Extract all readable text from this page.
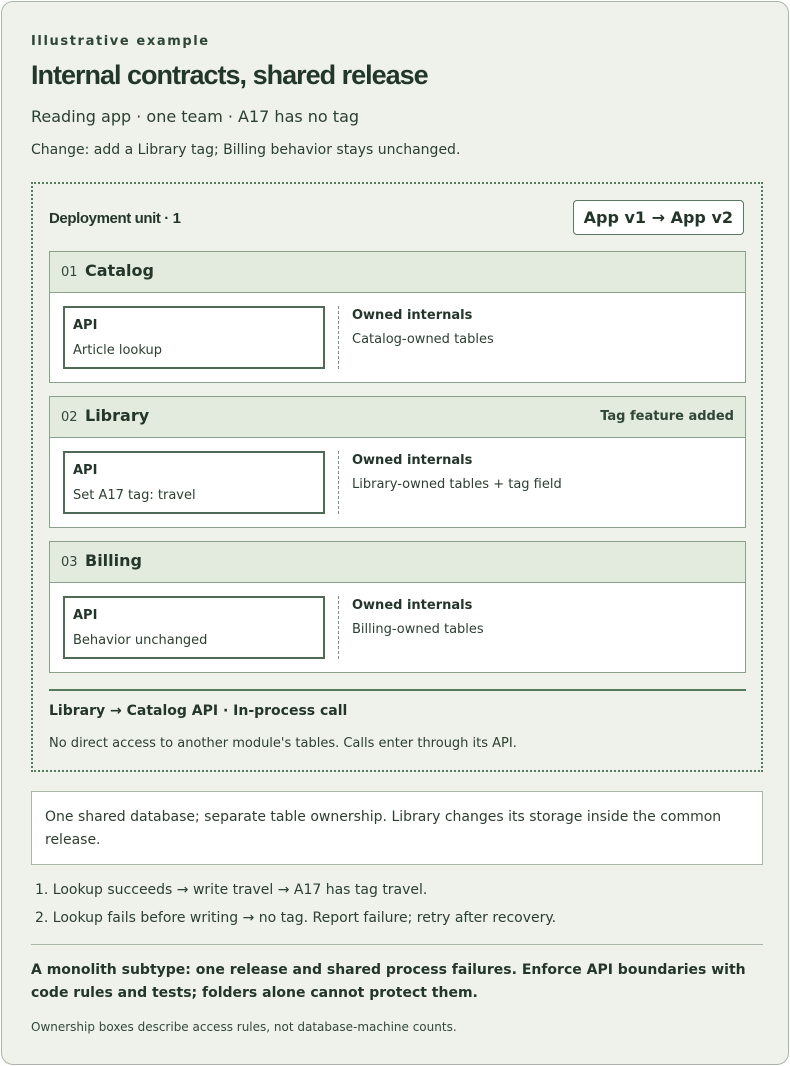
Illustrative example
Internal contracts, shared release
Reading app · one team · A17 has no tag
Change: add a Library tag; Billing behavior stays unchanged.
Deployment unit · 1	App v1 → App v2
01 Catalog
API
Article lookup
Owned internals
Catalog-owned tables
02 Library	Tag feature added
API
Set A17 tag: travel
Owned internals
Library-owned tables + tag field
03 Billing
API
Behavior unchanged
Owned internals
Billing-owned tables
Library → Catalog API · In-process call
No direct access to another module's tables. Calls enter through its API.
One shared database; separate table ownership. Library changes its storage inside the common release.
1. Lookup succeeds → write travel → A17 has tag travel.
2. Lookup fails before writing → no tag. Report failure; retry after recovery.
A monolith subtype: one release and shared process failures. Enforce API boundaries with code rules and tests; folders alone cannot protect them.
Ownership boxes describe access rules, not database-machine counts.
